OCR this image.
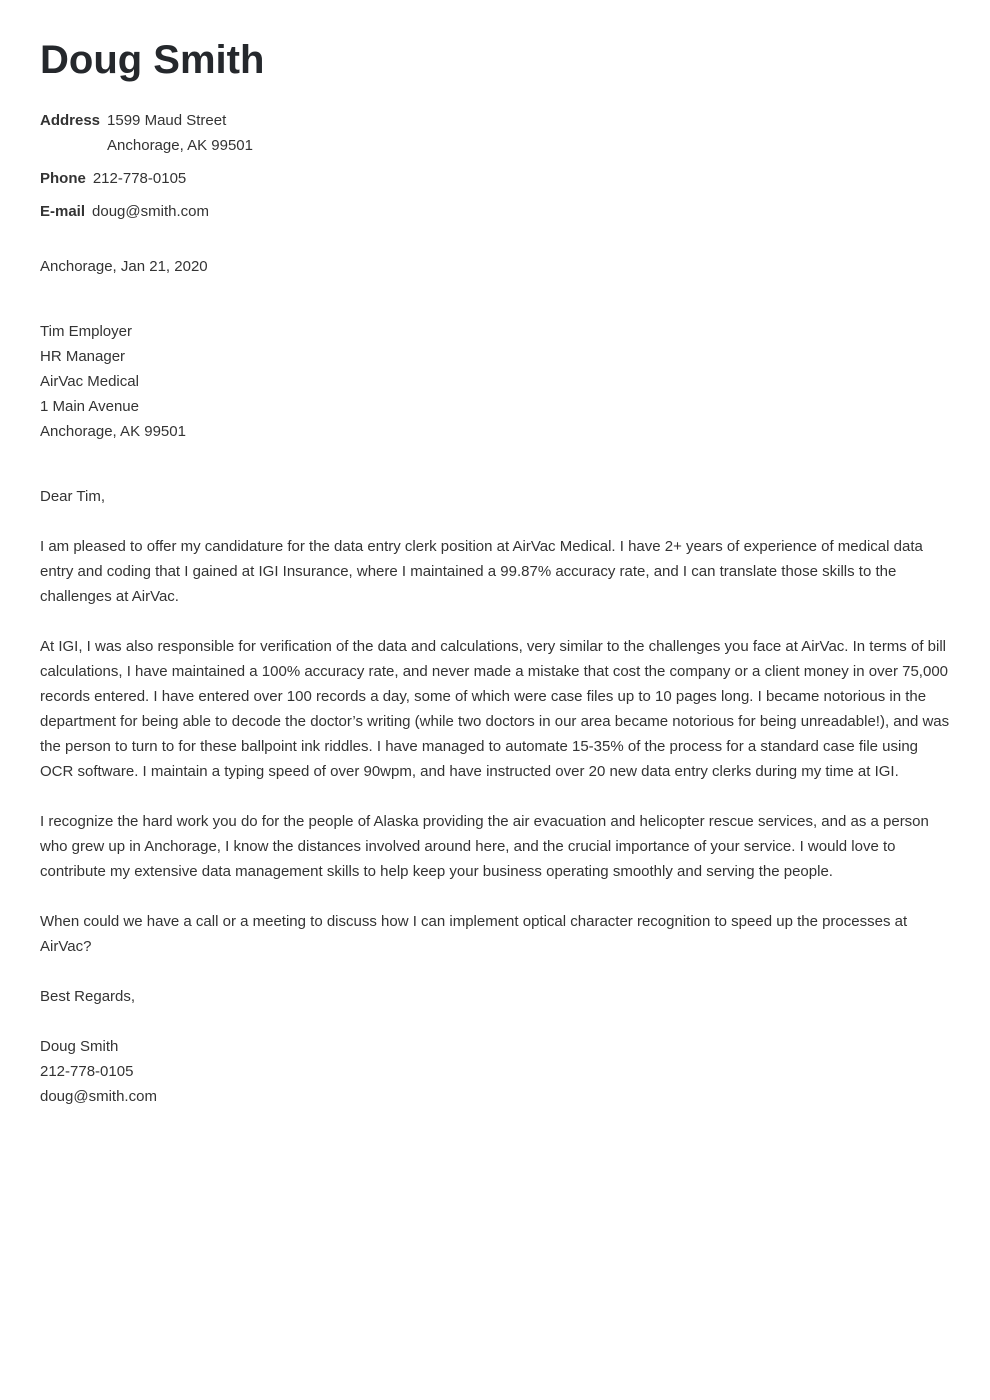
Doug Smith
Address 1599 Maud Street
Anchorage, AK 99501
Phone 212-778-0105
E-mail doug@smith.com
Anchorage, Jan 21, 2020
Tim Employer
HR Manager
AirVac Medical
1 Main Avenue
Anchorage, AK 99501

Dear Tim,

I am pleased to offer my candidature for the data entry clerk position at AirVac Medical. I have 2+ years of experience of medical data entry and coding that I gained at IGI Insurance, where I maintained a 99.87% accuracy rate, and I can translate those skills to the challenges at AirVac.

At IGI, I was also responsible for verification of the data and calculations, very similar to the challenges you face at AirVac. In terms of bill calculations, I have maintained a 100% accuracy rate, and never made a mistake that cost the company or a client money in over 75,000 records entered. I have entered over 100 records a day, some of which were case files up to 10 pages long. I became notorious in the department for being able to decode the doctor’s writing (while two doctors in our area became notorious for being unreadable!), and was the person to turn to for these ballpoint ink riddles. I have managed to automate 15-35% of the process for a standard case file using OCR software. I maintain a typing speed of over 90wpm, and have instructed over 20 new data entry clerks during my time at IGI.

I recognize the hard work you do for the people of Alaska providing the air evacuation and helicopter rescue services, and as a person who grew up in Anchorage, I know the distances involved around here, and the crucial importance of your service. I would love to contribute my extensive data management skills to help keep your business operating smoothly and serving the people.

When could we have a call or a meeting to discuss how I can implement optical character recognition to speed up the processes at AirVac?

Best Regards,

Doug Smith
212-778-0105
doug@smith.com
